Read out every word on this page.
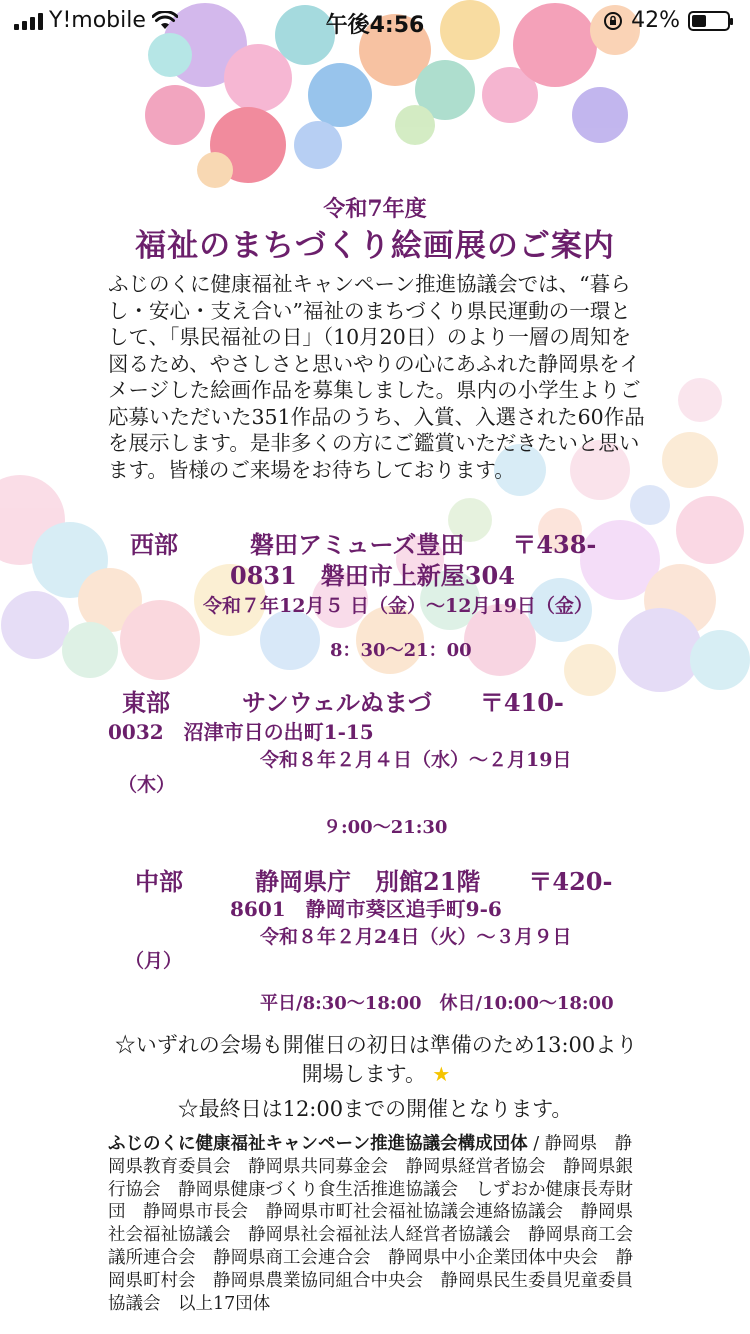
Y!mobile	午後4:56	42%

令和7年度

福祉のまちづくり絵画展のご案内

ふじのくに健康福祉キャンペーン推進協議会では、“暮らし・安心・支え合い”福祉のまちづくり県民運動の一環として、「県民福祉の日」（10月20日）のより一層の周知を図るため、やさしさと思いやりの心にあふれた静岡県をイメージした絵画作品を募集しました。県内の小学生よりご応募いただいた351作品のうち、入賞、入選された60作品を展示します。是非多くの方にご鑑賞いただきたいと思います。皆様のご来場をお待ちしております。

西部　　　磐田アミューズ豊田　　〒438-
0831　磐田市上新屋304
令和７年12月５ 日（金）～12月19日（金）
8：30～21：00
東部　　　サンウェルぬまづ　　〒410-
0032　沼津市日の出町1-15
令和８年２月４日（水）～２月19日
（木）
９:00～21:30
中部　　　静岡県庁　別館21階　　〒420-
8601　静岡市葵区追手町9-6
令和８年２月24日（火）～３月９日
（月）
平日/8:30～18:00　休日/10:00～18:00

☆いずれの会場も開催日の初日は準備のため13:00より開場します。 ★

☆最終日は12:00までの開催となります。

ふじのくに健康福祉キャンペーン推進協議会構成団体 / 静岡県　静岡県教育委員会　静岡県共同募金会　静岡県経営者協会　静岡県銀行協会　静岡県健康づくり食生活推進協議会　しずおか健康長寿財団　静岡県市長会　静岡県市町社会福祉協議会連絡協議会　静岡県社会福祉協議会　静岡県社会福祉法人経営者協議会　静岡県商工会議所連合会　静岡県商工会連合会　静岡県中小企業団体中央会　静岡県町村会　静岡県農業協同組合中央会　静岡県民生委員児童委員協議会　以上17団体
